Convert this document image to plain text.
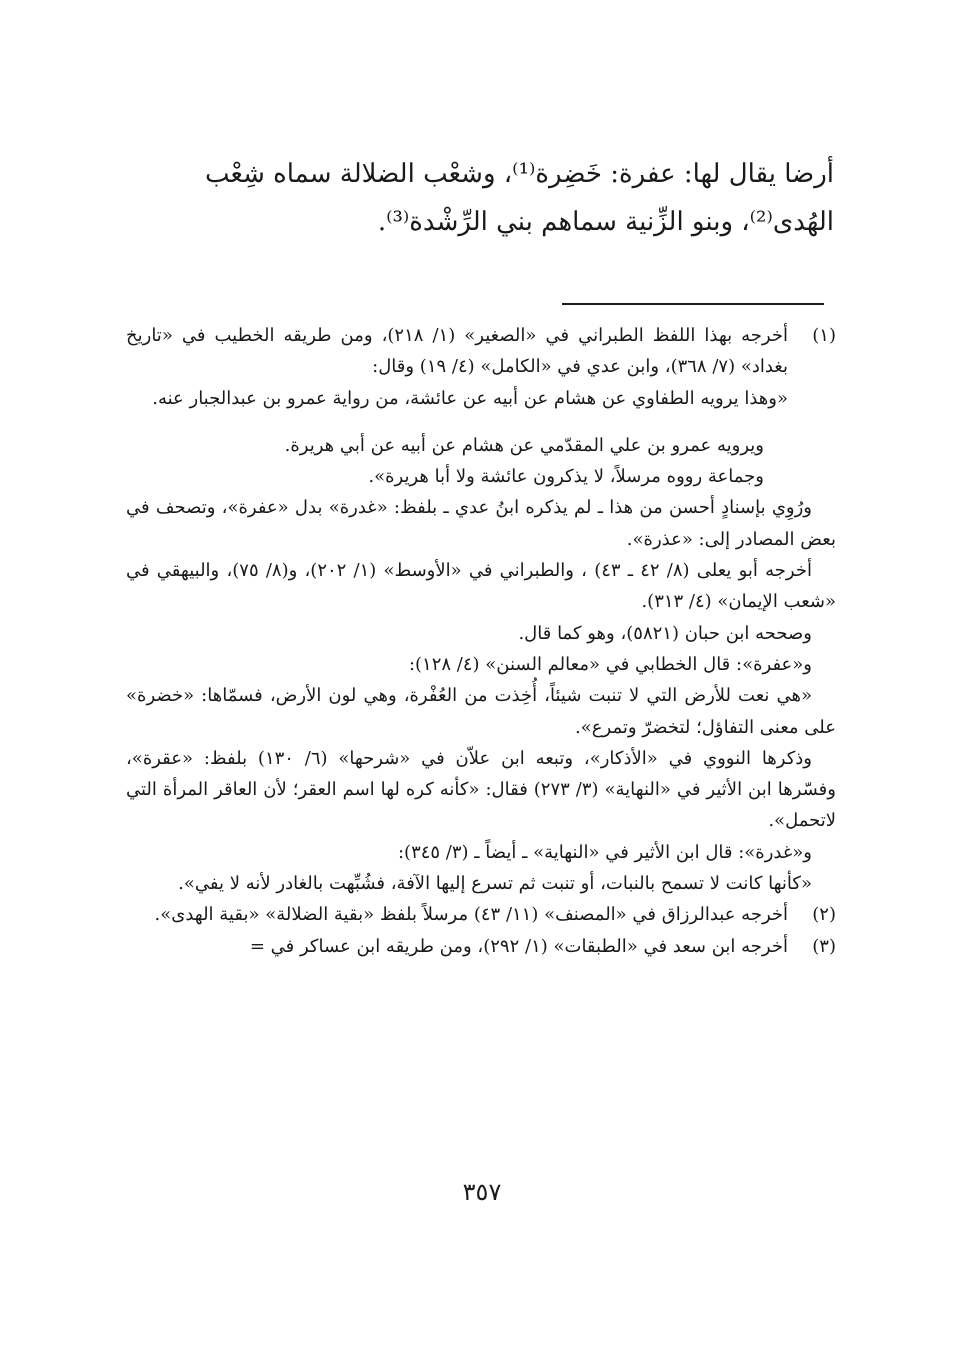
أرضا يقال لها: عفرة: خَضِرة⁽¹⁾، وشعْب الضلالة سماه شِعْب

الهُدى⁽²⁾، وبنو الزِّنية سماهم بني الرِّشْدة⁽³⁾.

(١)

أخرجه بهذا اللفظ الطبراني في «الصغير» (١/ ٢١٨)، ومن طريقه الخطيب في «تاريخ بغداد» (٧/ ٣٦٨)، وابن عدي في «الكامل» (٤/ ١٩) وقال:

«وهذا يرويه الطفاوي عن هشام عن أبيه عن عائشة، من رواية عمرو بن عبدالجبار عنه.

ويرويه عمرو بن علي المقدّمي عن هشام عن أبيه عن أبي هريرة.

وجماعة رووه مرسلاً، لا يذكرون عائشة ولا أبا هريرة».

ورُوِي بإسنادٍ أحسن من هذا ـ لم يذكره ابنُ عدي ـ بلفظ: «غدرة» بدل «عفرة»، وتصحف في بعض المصادر إلى: «عذرة».

أخرجه أبو يعلى (٨/ ٤٢ ـ ٤٣) ، والطبراني في «الأوسط» (١/ ٢٠٢)، و(٨/ ٧٥)، والبيهقي في «شعب الإيمان» (٤/ ٣١٣).

وصححه ابن حبان (٥٨٢١)، وهو كما قال.

و«عفرة»: قال الخطابي في «معالم السنن» (٤/ ١٢٨):

«هي نعت للأرض التي لا تنبت شيئاً، أُخِذت من العُفْرة، وهي لون الأرض، فسمّاها: «خضرة» على معنى التفاؤل؛ لتخضرّ وتمرع».

وذكرها النووي في «الأذكار»، وتبعه ابن علاّن في «شرحها» (٦/ ١٣٠) بلفظ: «عقرة»، وفسّرها ابن الأثير في «النهاية» (٣/ ٢٧٣) فقال: «كأنه كره لها اسم العقر؛ لأن العاقر المرأة التي لاتحمل».

و«غدرة»: قال ابن الأثير في «النهاية» ـ أيضاً ـ (٣/ ٣٤٥):

«كأنها كانت لا تسمح بالنبات، أو تنبت ثم تسرع إليها الآفة، فشُبِّهت بالغادر لأنه لا يفي».

(٢)

أخرجه عبدالرزاق في «المصنف» (١١/ ٤٣) مرسلاً بلفظ «بقية الضلالة» «بقية الهدى».

(٣)

أخرجه ابن سعد في «الطبقات» (١/ ٢٩٢)، ومن طريقه ابن عساكر في =

٣٥٧
